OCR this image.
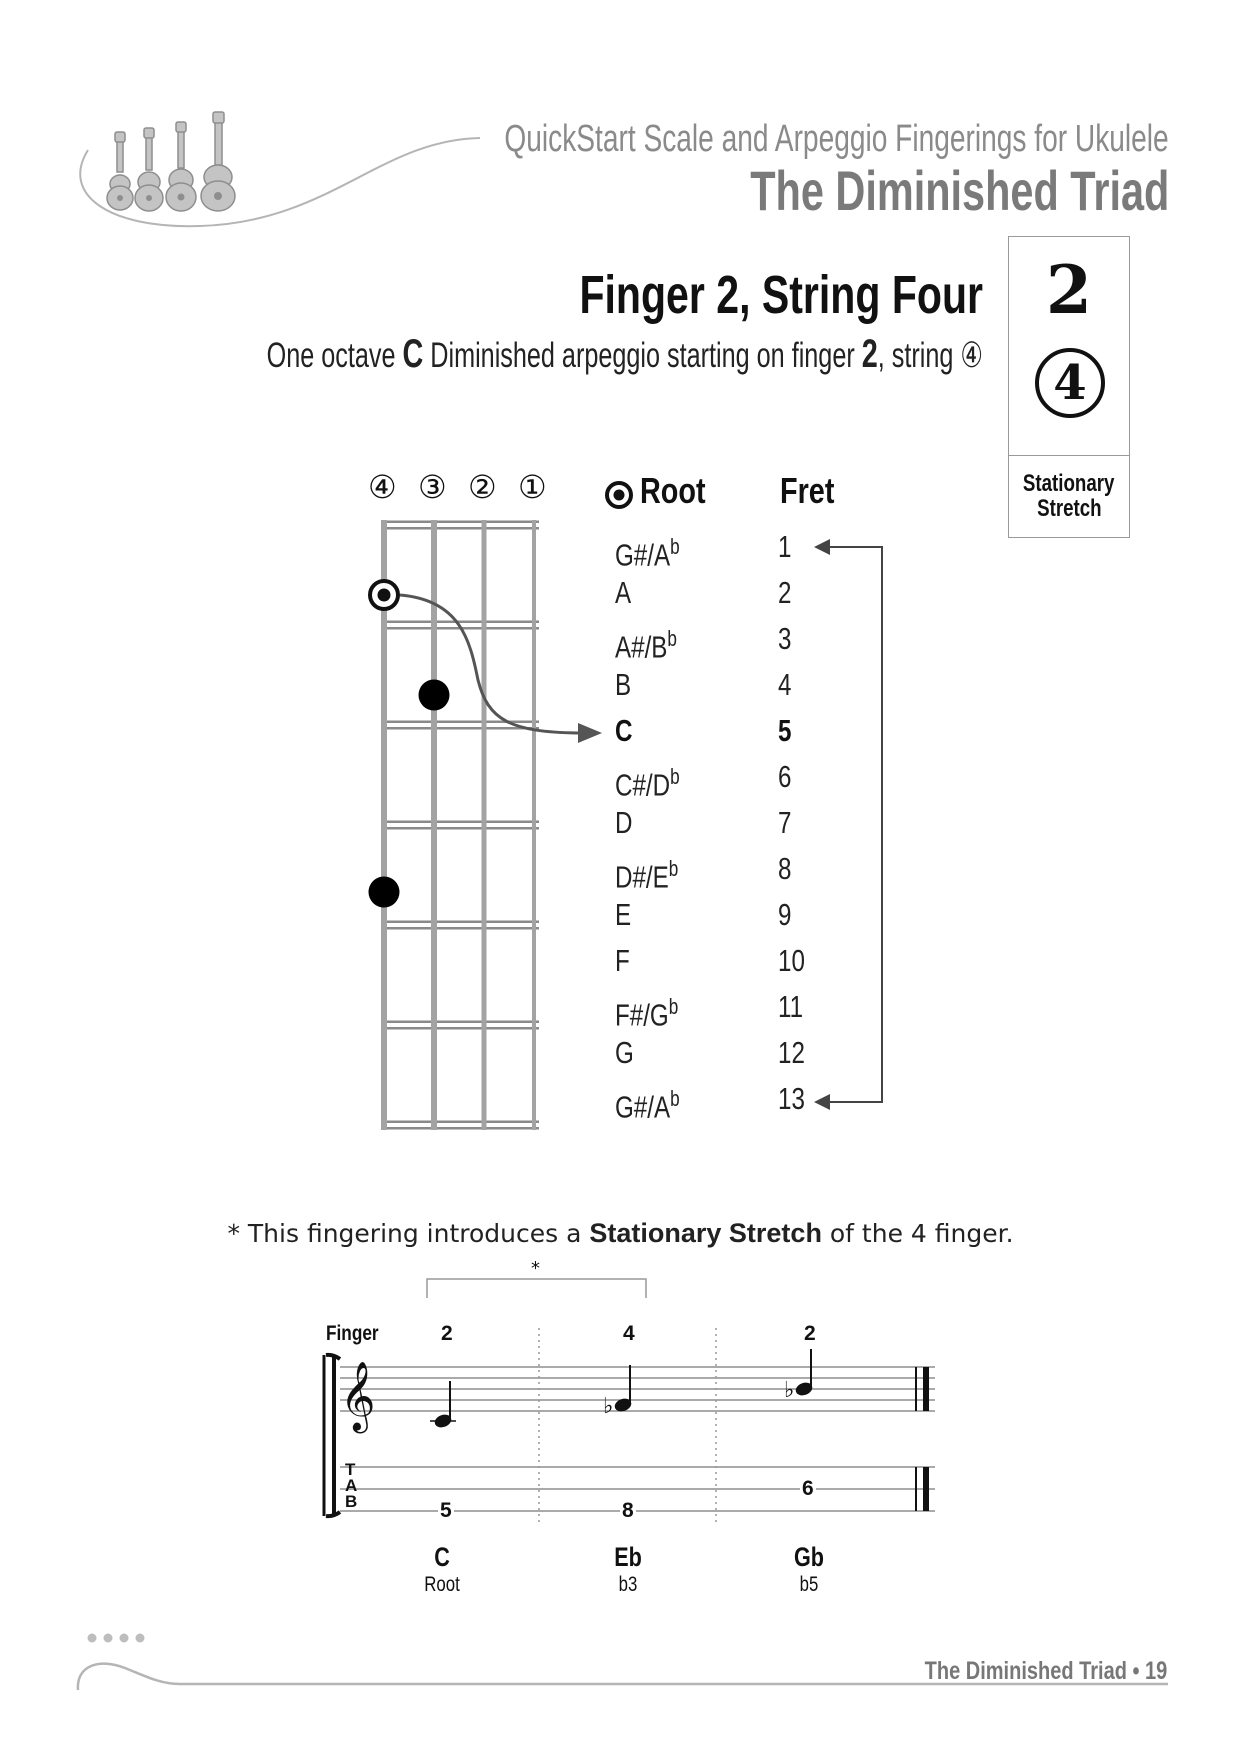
QuickStart Scale and Arpeggio Fingerings for Ukulele
The Diminished Triad
Finger 2, String Four
One octave C Diminished arpeggio starting on finger 2, string ④
2
4
Stationary
Stretch
④ ③ ② ①	Root Fret
$G\#/A^b$	1
A	2
$A\#/B^b$	3
B	4
C	5
$C\#/D^b$	6
D	7
$D\#/E^b$	8
E	9
F	10
$F\#/G^b$	11
G	12
$G\#/A^b$	13
* This fingering introduces a Stationary Stretch of the 4 finger.
𝄞	♭
♭
Finger	2	4	2
*
T
A
B	5	8
6
C
Root
Eb
b3
Gb
b5
The Diminished Triad • 19
